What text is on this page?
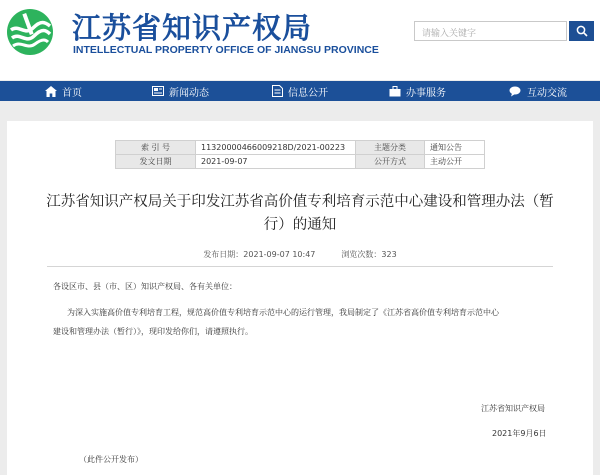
江苏省知识产权局
INTELLECTUAL PROPERTY OFFICE OF JIANGSU PROVINCE
请输入关键字
首页	新闻动态	信息公开	办事服务	互动交流
索 引 号	11320000466009218D/2021-00223	主题分类	通知公告
发文日期	2021-09-07	公开方式	主动公开
江苏省知识产权局关于印发江苏省高价值专利培育示范中心建设和管理办法（暂
行）的通知
发布日期：2021-09-07 10:47	浏览次数：323
各设区市、县（市、区）知识产权局、各有关单位：
为深入实施高价值专利培育工程，规范高价值专利培育示范中心的运行管理，我局制定了《江苏省高价值专利培育示范中心
建设和管理办法（暂行）》，现印发给你们，请遵照执行。
江苏省知识产权局
2021年9月6日
（此件公开发布）
